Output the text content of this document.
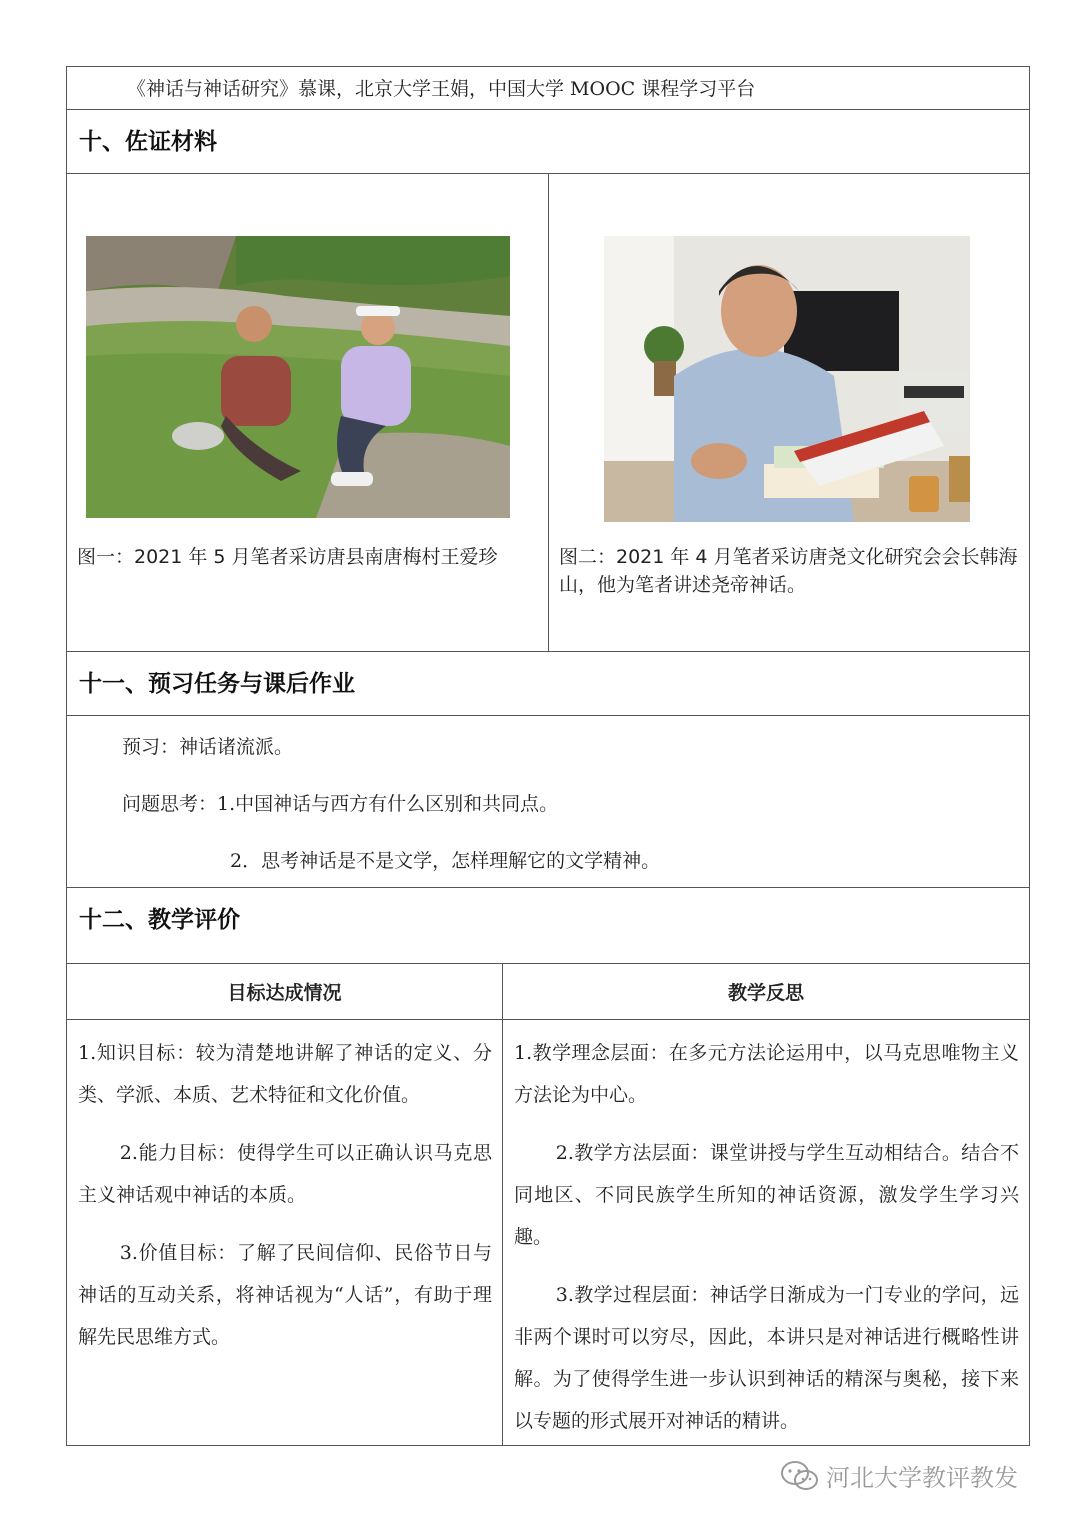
《神话与神话研究》慕课，北京大学王娟，中国大学 MOOC 课程学习平台
十、佐证材料
图一：2021 年 5 月笔者采访唐县南唐梅村王爱珍	图二：2021 年 4 月笔者采访唐尧文化研究会会长韩海山，他为笔者讲述尧帝神话。
十一、预习任务与课后作业
预习：神话诸流派。
问题思考：1.中国神话与西方有什么区别和共同点。
2．思考神话是不是文学，怎样理解它的文学精神。
十二、教学评价
目标达成情况	教学反思

1.知识目标：较为清楚地讲解了神话的定义、分类、学派、本质、艺术特征和文化价值。

2.能力目标：使得学生可以正确认识马克思主义神话观中神话的本质。

3.价值目标：了解了民间信仰、民俗节日与神话的互动关系，将神话视为“人话”，有助于理解先民思维方式。

1.教学理念层面：在多元方法论运用中，以马克思唯物主义方法论为中心。

2.教学方法层面：课堂讲授与学生互动相结合。结合不同地区、不同民族学生所知的神话资源，激发学生学习兴趣。

3.教学过程层面：神话学日渐成为一门专业的学问，远非两个课时可以穷尽，因此，本讲只是对神话进行概略性讲解。为了使得学生进一步认识到神话的精深与奥秘，接下来以专题的形式展开对神话的精讲。

河北大学教评教发
